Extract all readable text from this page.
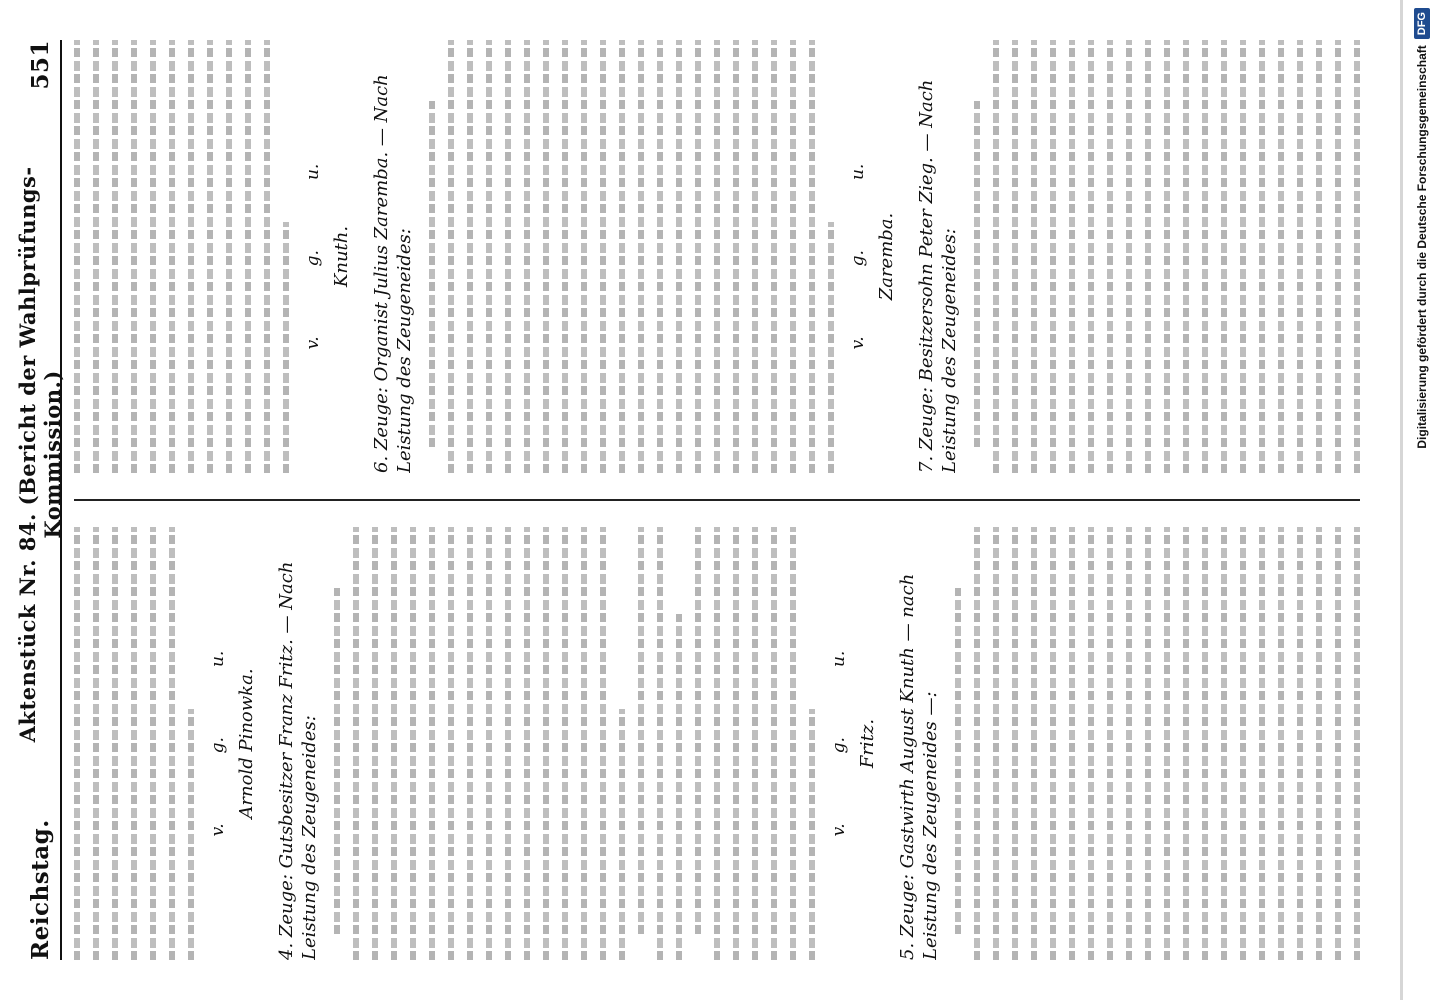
Reichstag.
Aktenstück Nr. 84. (Bericht der Wahlprüfungs-Kommission.)
551
v.
g.
u.
Arnold Pinowka. 4. Zeuge: Gutsbesitzer Franz Fritz. — Nach Leistung des Zeugeneides:	v.
g.
u.
Fritz. 5. Zeuge: Gastwirth August Knuth — nach Leistung des Zeugeneides —:
v.
g.
u.
Knuth. 6. Zeuge: Organist Julius Zaremba. — Nach Leistung des Zeugeneides:	v.
g.
u.
Zaremba. 7. Zeuge: Besitzersohn Peter Zieg. — Nach Leistung des Zeugeneides:	Digitalisierung gefördert durch die Deutsche Forschungsgemeinschaft
DFG
